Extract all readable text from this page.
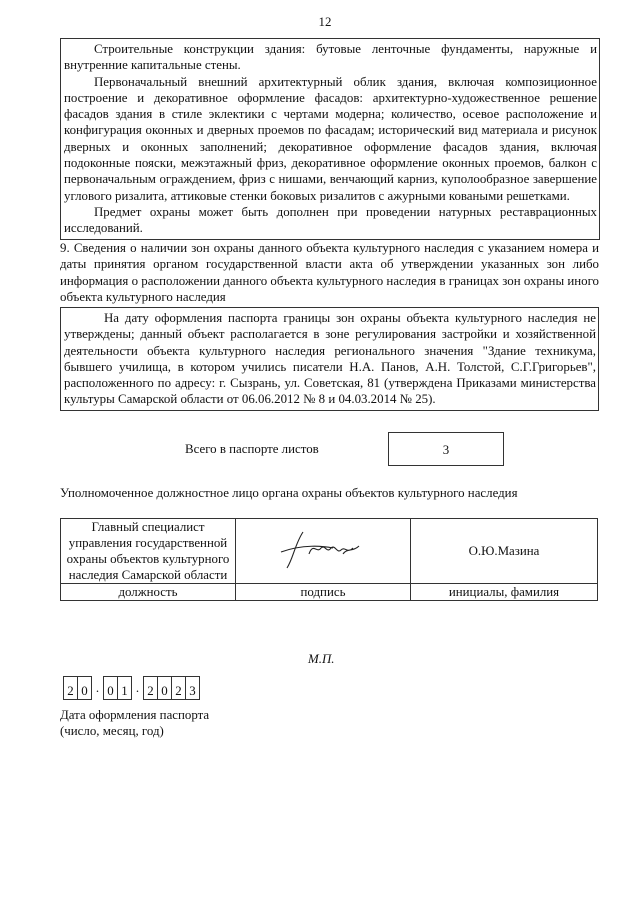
12

Строительные конструкции здания: бутовые ленточные фундаменты, наружные и внутренние капитальные стены.

Первоначальный внешний архитектурный облик здания, включая композиционное построение и декоративное оформление фасадов: архитектурно-художественное решение фасадов здания в стиле эклектики с чертами модерна; количество, осевое расположение и конфигурация оконных и дверных проемов по фасадам; исторический вид материала и рисунок дверных и оконных заполнений; декоративное оформление фасадов здания, включая подоконные пояски, межэтажный фриз, декоративное оформление оконных проемов, балкон с первоначальным ограждением, фриз с нишами, венчающий карниз, куполообразное завершение углового ризалита, аттиковые стенки боковых ризалитов с ажурными коваными решетками.

Предмет охраны может быть дополнен при проведении натурных реставрационных исследований.

9. Сведения о наличии зон охраны данного объекта культурного наследия с указанием номера и даты принятия органом государственной власти акта об утверждении указанных зон либо информация о расположении данного объекта культурного наследия в границах зон охраны иного объекта культурного наследия

На дату оформления паспорта границы зон охраны объекта культурного наследия не утверждены; данный объект располагается в зоне регулирования застройки и хозяйственной деятельности объекта культурного наследия регионального значения "Здание техникума, бывшего училища, в котором учились писатели Н.А. Панов, А.Н. Толстой, С.Г.Григорьев", расположенного по адресу: г. Сызрань, ул. Советская, 81 (утверждена Приказами министерства культуры Самарской области от 06.06.2012 № 8 и 04.03.2014 № 25).

Всего в паспорте листов	3
Уполномоченное должностное лицо органа охраны объектов культурного наследия
Главный специалист управления государственной охраны объектов культурного наследия Самарской области		О.Ю.Мазина
должность	подпись	инициалы, фамилия
М.П.
2 0 . 0 1 . 2 0 2 3
Дата оформления паспорта
(число, месяц, год)
